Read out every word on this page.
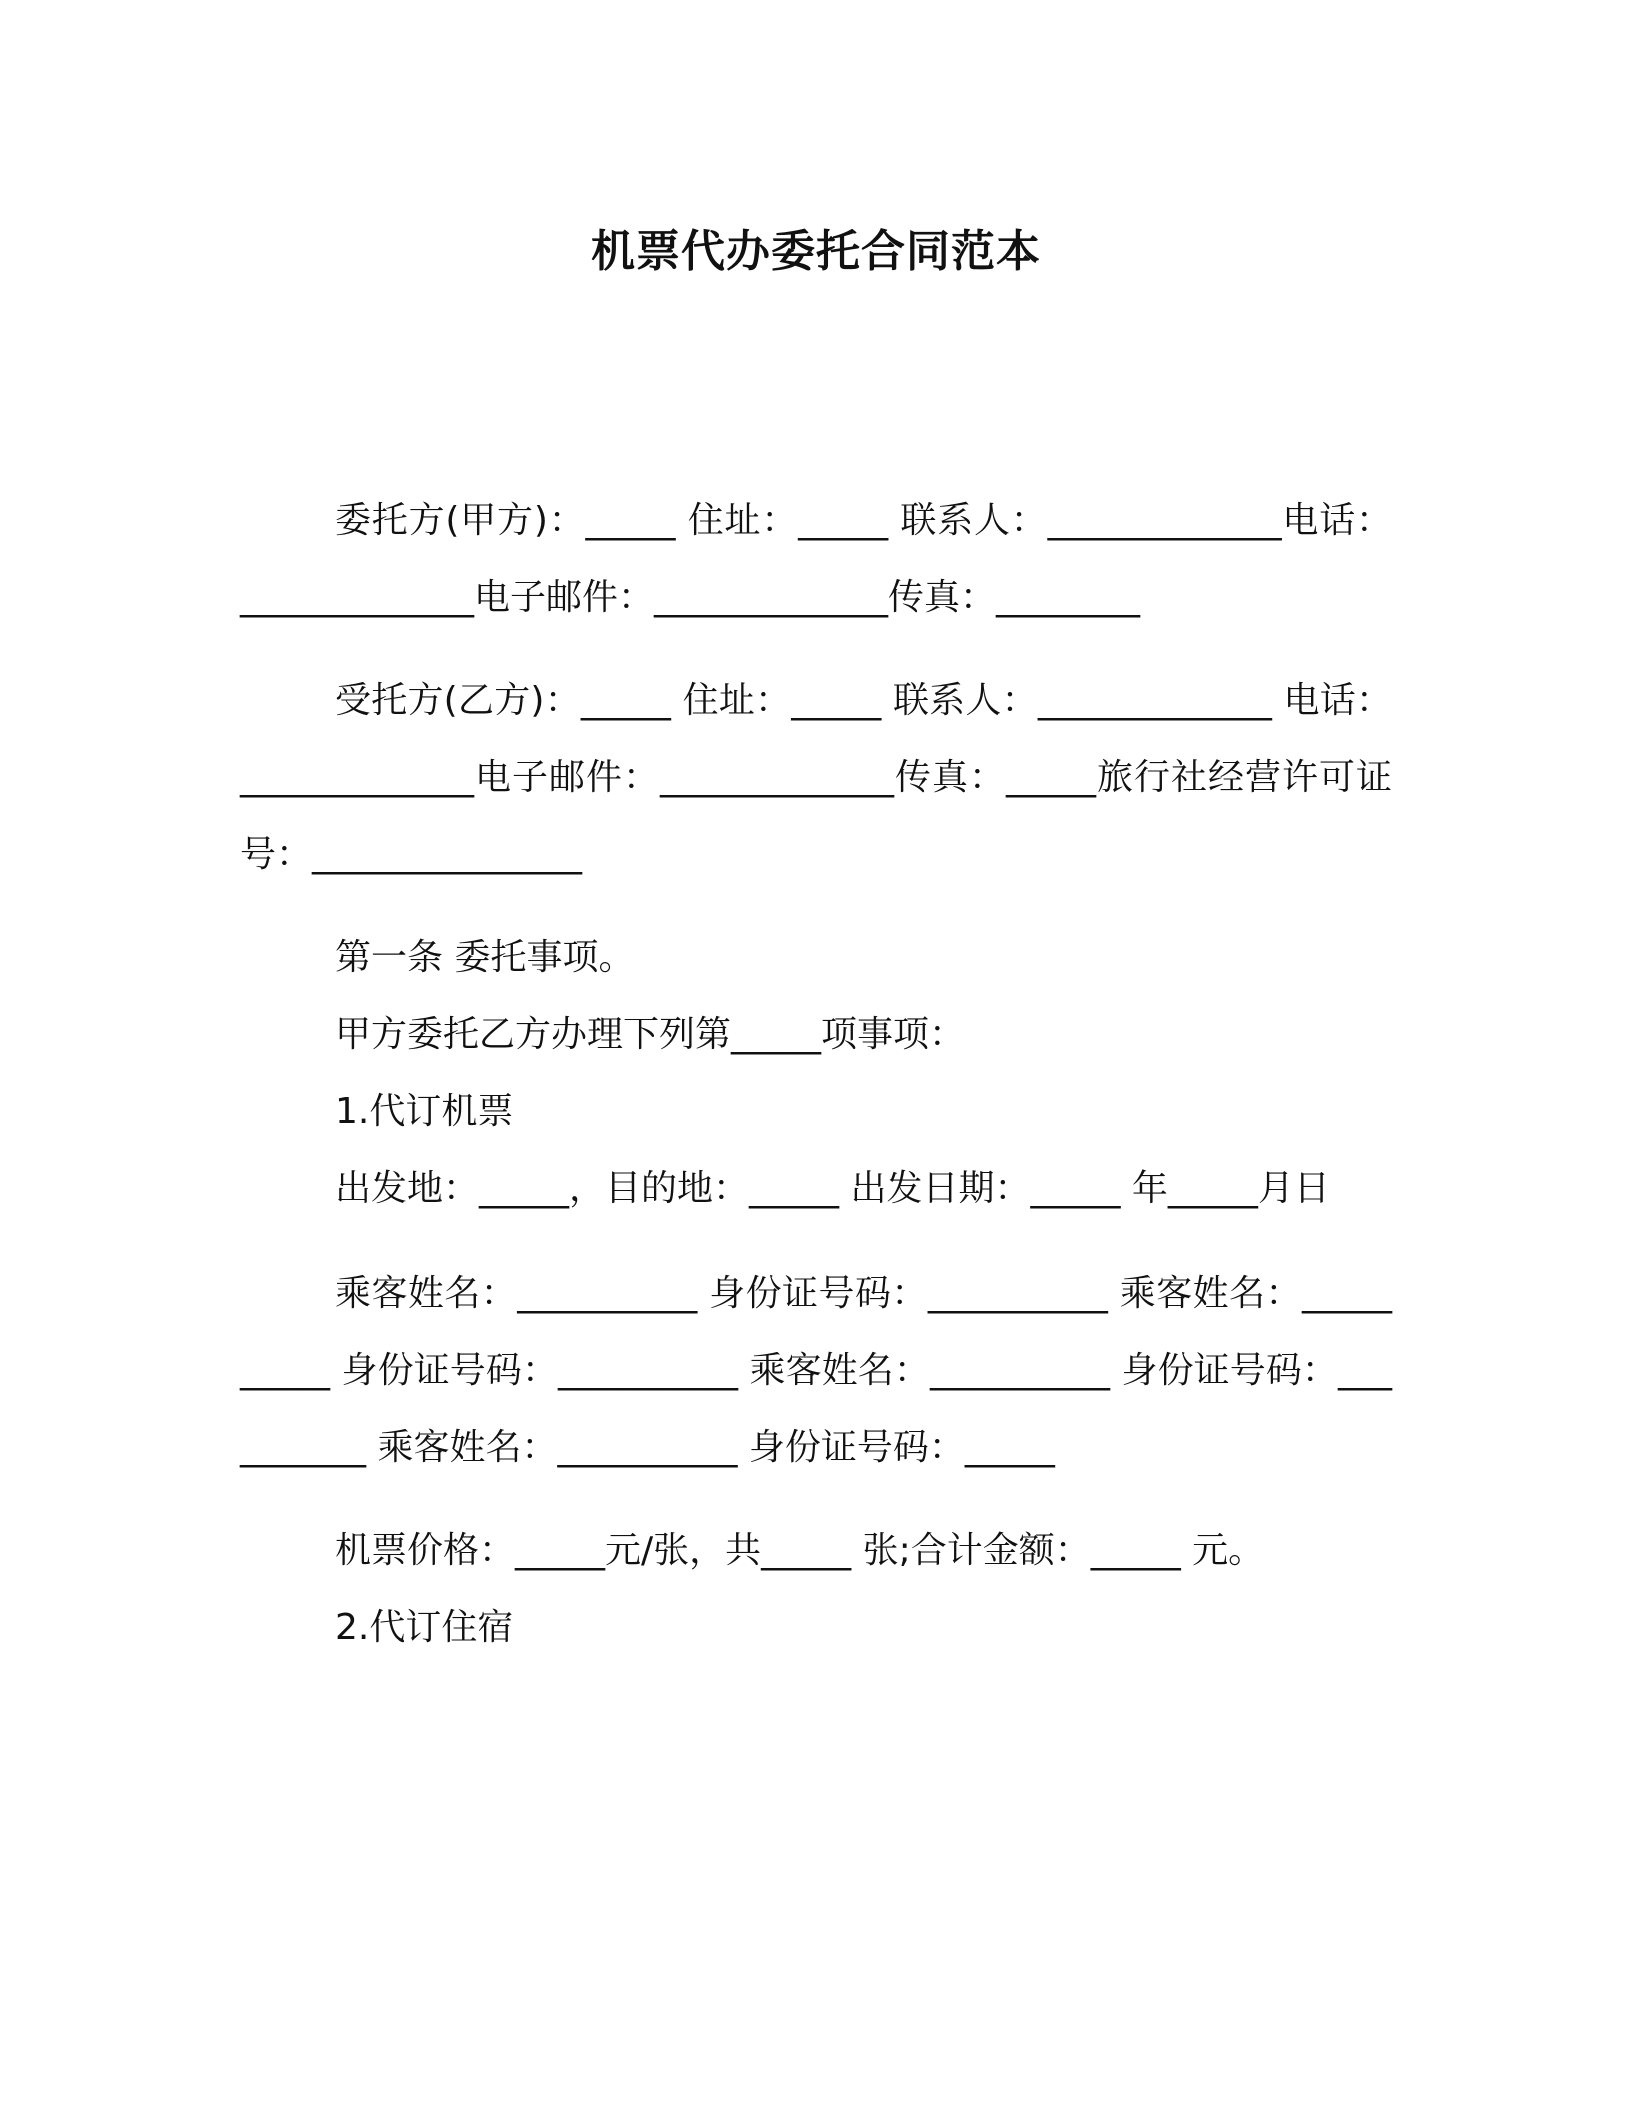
机票代办委托合同范本

委托方(甲方)：_____ 住址：_____ 联系人：_____________电话：_____________电子邮件：_____________传真：________

受托方(乙方)：_____ 住址：_____ 联系人：_____________ 电话：_____________电子邮件：_____________传真：_____旅行社经营许可证号：_______________

第一条 委托事项。

甲方委托乙方办理下列第_____项事项：

1.代订机票

出发地：_____，目的地：_____ 出发日期：_____ 年_____月日

乘客姓名：__________ 身份证号码：__________ 乘客姓名：__________ 身份证号码：__________ 乘客姓名：__________ 身份证号码：__________ 乘客姓名：__________ 身份证号码：_____

机票价格：_____元/张，共_____ 张;合计金额：_____ 元。

2.代订住宿
